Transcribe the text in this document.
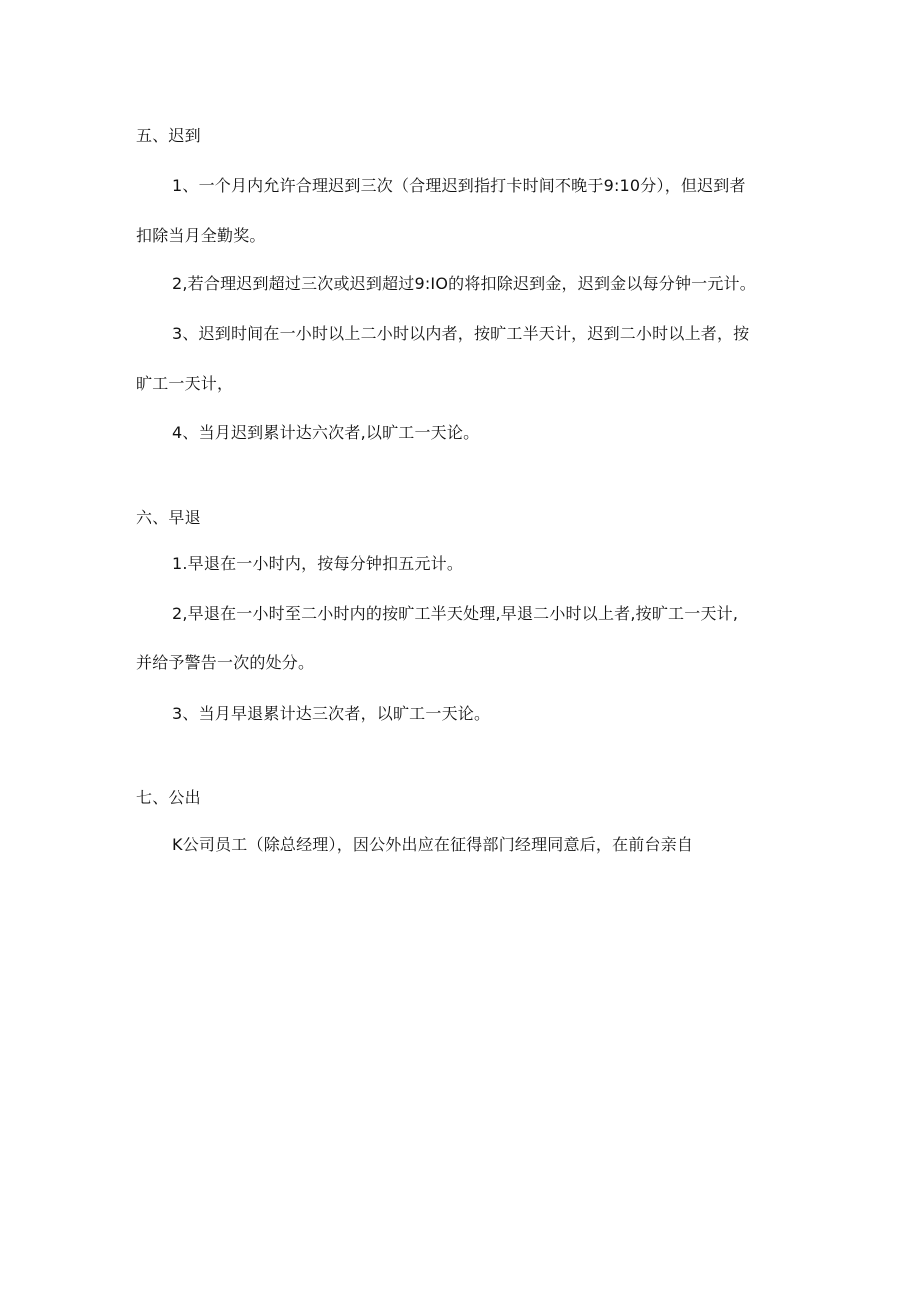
五、迟到
1、一个月内允许合理迟到三次（合理迟到指打卡时间不晚于9:10分），但迟到者
扣除当月全勤奖。
2,若合理迟到超过三次或迟到超过9:IO的将扣除迟到金，迟到金以每分钟一元计。
3、迟到时间在一小时以上二小时以内者，按旷工半天计，迟到二小时以上者，按
旷工一天计，
4、当月迟到累计达六次者,以旷工一天论。
六、早退
1.早退在一小时内，按每分钟扣五元计。
2,早退在一小时至二小时内的按旷工半天处理,早退二小时以上者,按旷工一天计,
并给予警告一次的处分。
3、当月早退累计达三次者，以旷工一天论。
七、公出
K公司员工（除总经理），因公外出应在征得部门经理同意后，在前台亲自
